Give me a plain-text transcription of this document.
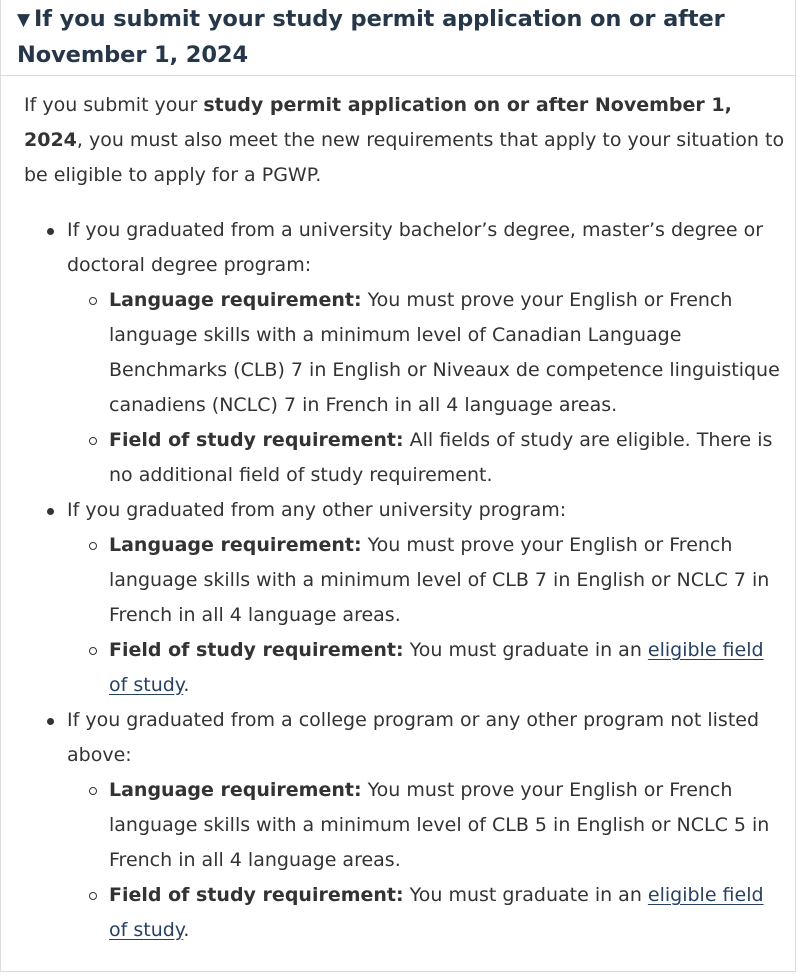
▼ If you submit your study permit application on or after November 1, 2024

If you submit your study permit application on or after November 1, 2024, you must also meet the new requirements that apply to your situation to be eligible to apply for a PGWP.

If you graduated from a university bachelor’s degree, master’s degree or doctoral degree program:
Language requirement: You must prove your English or French language skills with a minimum level of Canadian Language Benchmarks (CLB) 7 in English or Niveaux de competence linguistique canadiens (NCLC) 7 in French in all 4 language areas.
Field of study requirement: All fields of study are eligible. There is no additional field of study requirement.
If you graduated from any other university program:
Language requirement: You must prove your English or French language skills with a minimum level of CLB 7 in English or NCLC 7 in French in all 4 language areas.
Field of study requirement: You must graduate in an eligible field of study.
If you graduated from a college program or any other program not listed above:
Language requirement: You must prove your English or French language skills with a minimum level of CLB 5 in English or NCLC 5 in French in all 4 language areas.
Field of study requirement: You must graduate in an eligible field of study.
